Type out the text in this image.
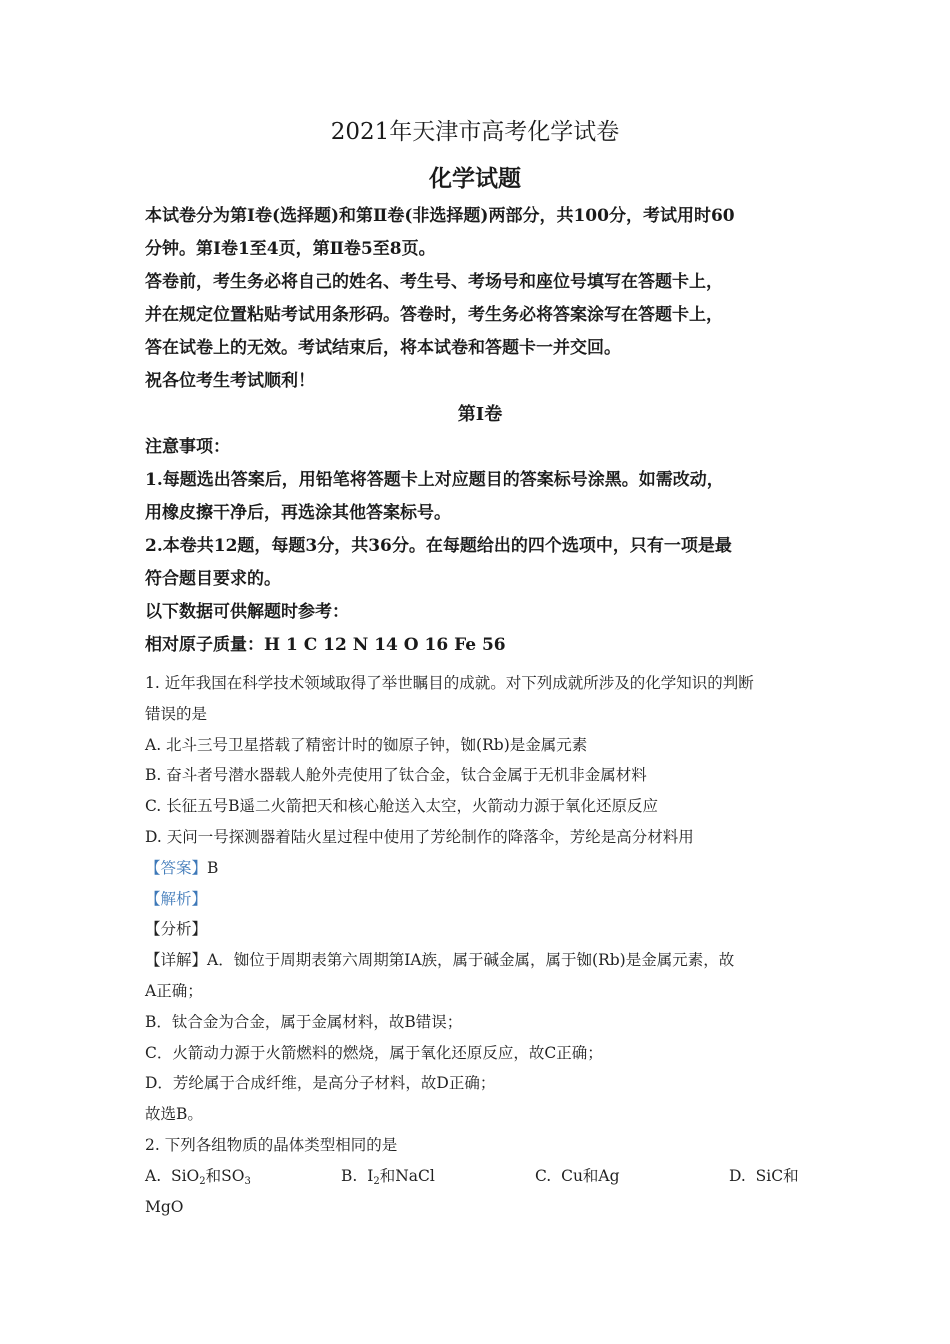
2021年天津市高考化学试卷
化学试题

本试卷分为第Ⅰ卷(选择题)和第Ⅱ卷(非选择题)两部分，共100分，考试用时60

分钟。第Ⅰ卷1至4页，第Ⅱ卷5至8页。

答卷前，考生务必将自己的姓名、考生号、考场号和座位号填写在答题卡上，

并在规定位置粘贴考试用条形码。答卷时，考生务必将答案涂写在答题卡上，

答在试卷上的无效。考试结束后，将本试卷和答题卡一并交回。

祝各位考生考试顺利！

第Ⅰ卷

注意事项：

1.每题选出答案后，用铅笔将答题卡上对应题目的答案标号涂黑。如需改动，

用橡皮擦干净后，再选涂其他答案标号。

2.本卷共12题，每题3分，共36分。在每题给出的四个选项中，只有一项是最

符合题目要求的。

以下数据可供解题时参考：

相对原子质量：H 1 C 12 N 14 O 16 Fe 56

1. 近年我国在科学技术领域取得了举世瞩目的成就。对下列成就所涉及的化学知识的判断

错误的是

A. 北斗三号卫星搭载了精密计时的铷原子钟，铷(Rb)是金属元素

B. 奋斗者号潜水器载人舱外壳使用了钛合金，钛合金属于无机非金属材料

C. 长征五号B遥二火箭把天和核心舱送入太空，火箭动力源于氧化还原反应

D. 天问一号探测器着陆火星过程中使用了芳纶制作的降落伞，芳纶是高分材料用

【答案】B

【解析】

【分析】

【详解】A．铷位于周期表第六周期第ⅠA族，属于碱金属，属于铷(Rb)是金属元素，故

A正确；

B．钛合金为合金，属于金属材料，故B错误；

C．火箭动力源于火箭燃料的燃烧，属于氧化还原反应，故C正确；

D．芳纶属于合成纤维，是高分子材料，故D正确；

故选B。

2. 下列各组物质的晶体类型相同的是

A. SiO$_2$和$SO_3$	B. $I_2$和NaCl	C. Cu和Ag	D. SiC和

MgO
